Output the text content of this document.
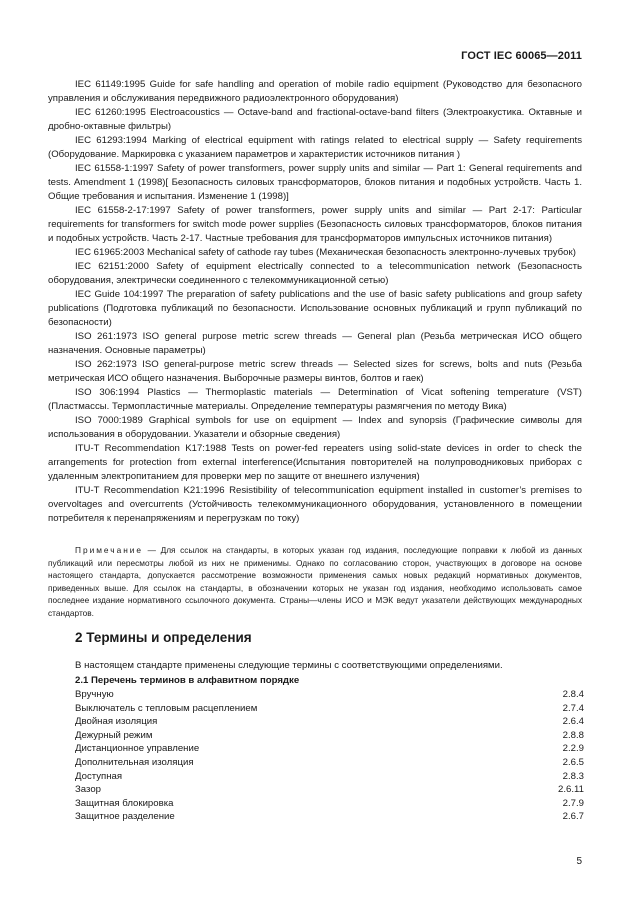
ГОСТ IEC 60065—2011

IEC 61149:1995 Guide for safe handling and operation of mobile radio equipment (Руководство для безопасного управления и обслуживания передвижного радиоэлектронного оборудования)

IEC 61260:1995 Electroacoustics — Octave-band and fractional-octave-band filters (Электроакустика. Октавные и дробно-октавные фильтры)

IEC 61293:1994 Marking of electrical equipment with ratings related to electrical supply — Safety requirements (Оборудование. Маркировка с указанием параметров и характеристик источников питания )

IEC 61558-1:1997 Safety of power transformers, power supply units and similar — Part 1: General requirements and tests. Amendment 1 (1998)[ Безопасность силовых трансформаторов, блоков питания и подобных устройств. Часть 1. Общие требования и испытания. Изменение 1 (1998)]

IEC 61558-2-17:1997 Safety of power transformers, power supply units and similar — Part 2-17: Particular requirements for transformers for switch mode power supplies (Безопасность силовых трансформаторов, блоков питания и подобных устройств. Часть 2-17. Частные требования для трансформаторов импульсных источников питания)

IEC 61965:2003 Mechanical safety of cathode ray tubes (Механическая безопасность электронно-лучевых трубок)

IEC 62151:2000 Safety of equipment electrically connected to a telecommunication network (Безопасность оборудования, электрически соединенного с телекоммуникационной сетью)

IEC Guide 104:1997 The preparation of safety publications and the use of basic safety publications and group safety publications (Подготовка публикаций по безопасности. Использование основных публикаций и групп публикаций по безопасности)

ISO 261:1973 ISO general purpose metric screw threads — General plan (Резьба метрическая ИСО общего назначения. Основные параметры)

ISO 262:1973 ISO general-purpose metric screw threads — Selected sizes for screws, bolts and nuts (Резьба метрическая ИСО общего назначения. Выборочные размеры винтов, болтов и гаек)

ISO 306:1994 Plastics — Thermoplastic materials — Determination of Vicat softening temperature (VST) (Пластмассы. Термопластичные материалы. Определение температуры размягчения по методу Вика)

ISO 7000:1989 Graphical symbols for use on equipment — Index and synopsis (Графические символы для использования в оборудовании. Указатели и обзорные сведения)

ITU-T Recommendation K17:1988 Tests on power-fed repeaters using solid-state devices in order to check the arrangements for protection from external interference(Испытания повторителей на полупроводниковых приборах с удаленным электропитанием для проверки мер по защите от внешнего излучения)

ITU-T Recommendation K21:1996 Resistibility of telecommunication equipment installed in customer’s premises to overvoltages and overcurrents (Устойчивость телекоммуникационного оборудования, установленного в помещении потребителя к перенапряжениям и перегрузкам по току)

Примечание — Для ссылок на стандарты, в которых указан год издания, последующие поправки к любой из данных публикаций или пересмотры любой из них не применимы. Однако по согласованию сторон, участвующих в договоре на основе настоящего стандарта, допускается рассмотрение возможности применения самых новых редакций нормативных документов, приведенных выше. Для ссылок на стандарты, в обозначении которых не указан год издания, необходимо использовать самое последнее издание нормативного ссылочного документа. Страны—члены ИСО и МЭК ведут указатели действующих международных стандартов.

2 Термины и определения

В настоящем стандарте применены следующие термины с соответствующими определениями.

2.1 Перечень терминов в алфавитном порядке

Вручную	2.8.4
Выключатель с тепловым расцеплением	2.7.4
Двойная изоляция	2.6.4
Дежурный режим	2.8.8
Дистанционное управление	2.2.9
Дополнительная изоляция	2.6.5
Доступная	2.8.3
Зазор	2.6.11
Защитная блокировка	2.7.9
Защитное разделение	2.6.7
5
